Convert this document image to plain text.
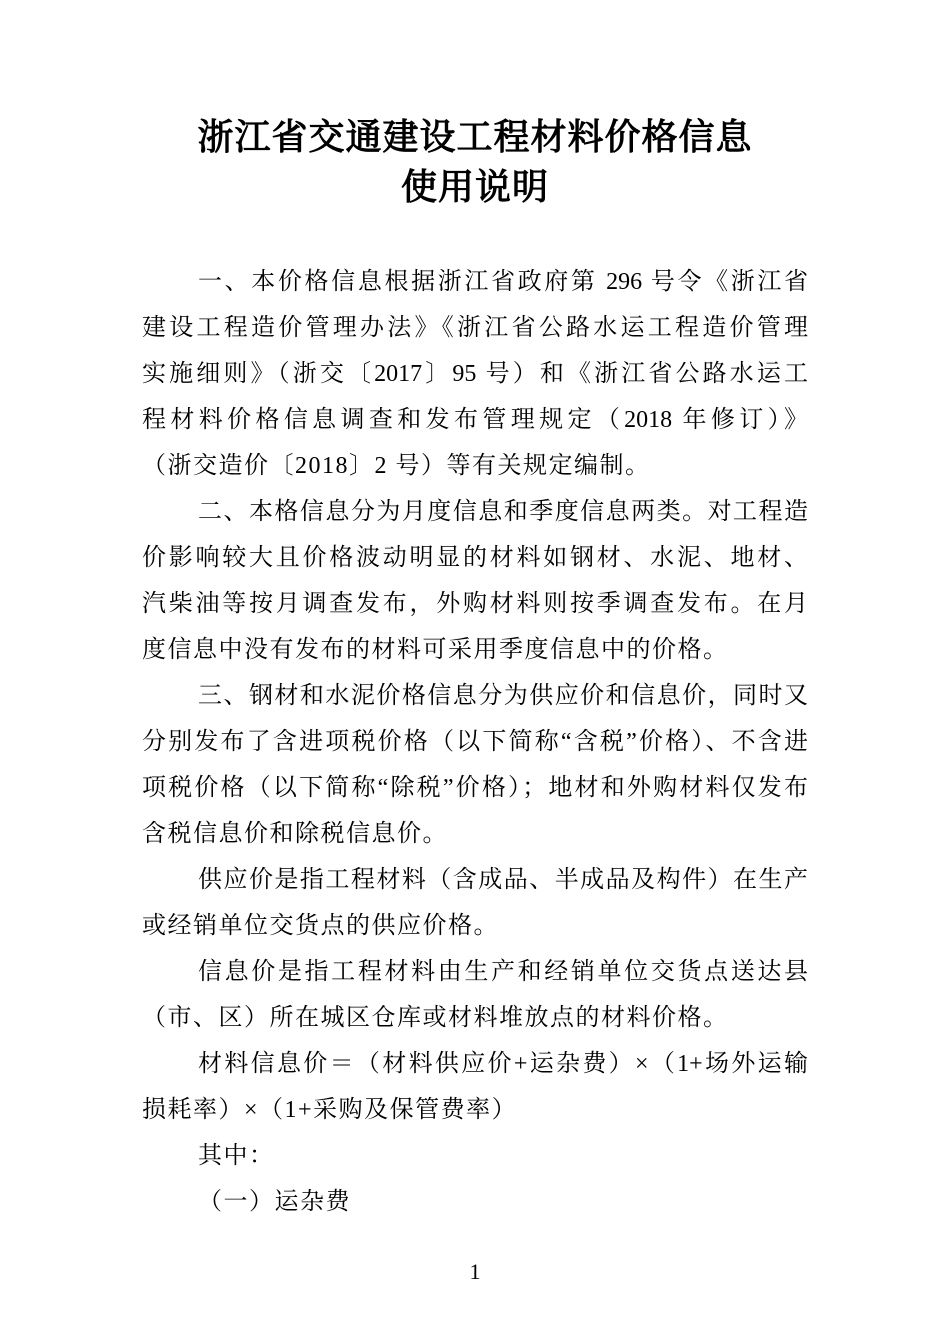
浙江省交通建设工程材料价格信息
使用说明
一、本价格信息根据浙江省政府第 296 号令《浙江省
建设工程造价管理办法》《浙江省公路水运工程造价管理
实施细则》（浙交〔2017〕95 号）和《浙江省公路水运工
程材料价格信息调查和发布管理规定（2018 年修订）》
（浙交造价〔2018〕2 号）等有关规定编制。
二、本格信息分为月度信息和季度信息两类。对工程造
价影响较大且价格波动明显的材料如钢材、水泥、地材、
汽柴油等按月调查发布，外购材料则按季调查发布。在月
度信息中没有发布的材料可采用季度信息中的价格。
三、钢材和水泥价格信息分为供应价和信息价，同时又
分别发布了含进项税价格（以下简称“含税”价格）、不含进
项税价格（以下简称“除税”价格）；地材和外购材料仅发布
含税信息价和除税信息价。
供应价是指工程材料（含成品、半成品及构件）在生产
或经销单位交货点的供应价格。
信息价是指工程材料由生产和经销单位交货点送达县
（市、区）所在城区仓库或材料堆放点的材料价格。
材料信息价＝（材料供应价+运杂费）×（1+场外运输
损耗率）×（1+采购及保管费率）
其中：
（一）运杂费
1
